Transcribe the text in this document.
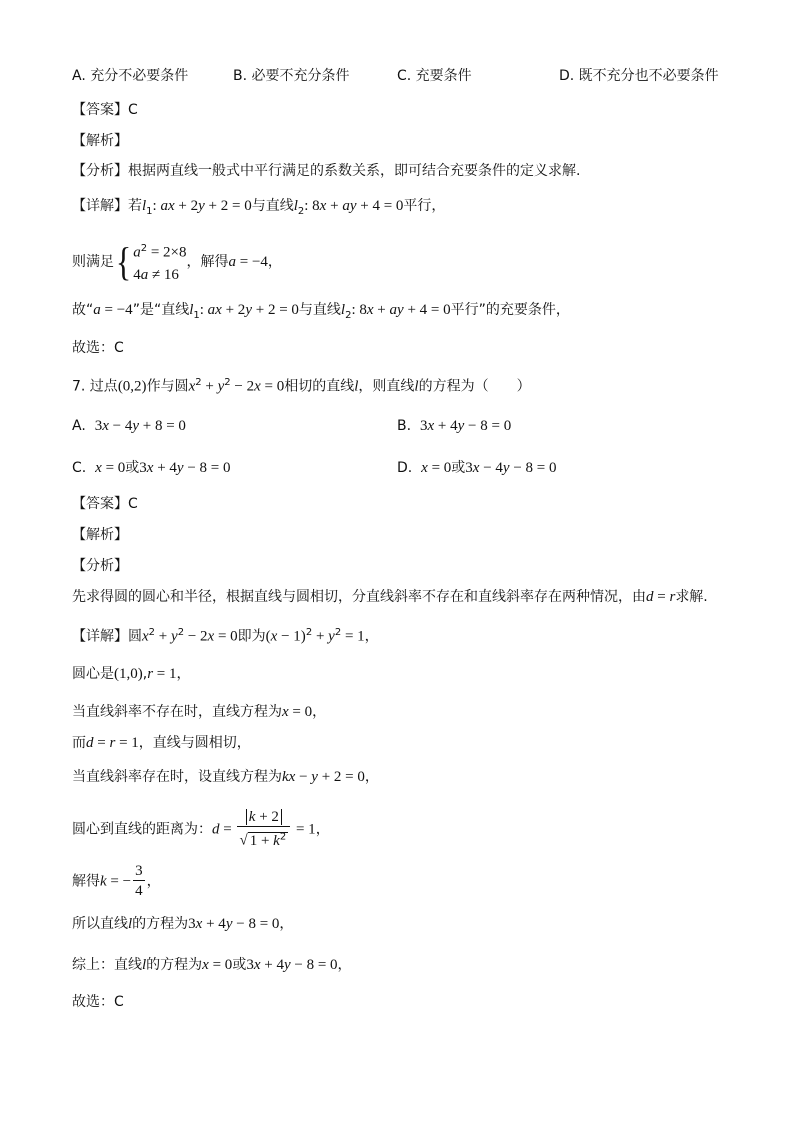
A. 充分不必要条件	B. 必要不充分条件	C. 充要条件	D. 既不充分也不必要条件
【答案】C
【解析】
【分析】根据两直线一般式中平行满足的系数关系，即可结合充要条件的定义求解.
【详解】若$l_1$: ax + 2y + 2 = 0与直线$l_2$: 8x + ay + 4 = 0平行，
则满足{ $a^2 = 2\times 8$
4a ≠ 16
，解得a = −4，
故“a = −4”是“直线$l_1$: ax + 2y + 2 = 0与直线$l_2$: 8x + ay + 4 = 0平行”的充要条件，
故选：C
7. 过点(0,2)作与圆$x^2 + y^2 - 2x = 0$相切的直线l，则直线l的方程为（　　）
A.  3x − 4y + 8 = 0	B.  3x + 4y − 8 = 0
C.  x = 0或3x + 4y − 8 = 0	D.  x = 0或3x − 4y − 8 = 0
【答案】C
【解析】
【分析】
先求得圆的圆心和半径，根据直线与圆相切，分直线斜率不存在和直线斜率存在两种情况，由d = r求解.
【详解】圆$x^2 + y^2 - 2x = 0$即为$(x - 1)^2 + y^2 = 1$，
圆心是(1,0),r = 1，
当直线斜率不存在时，直线方程为x = 0，
而d = r = 1，直线与圆相切，
当直线斜率存在时，设直线方程为kx − y + 2 = 0，
圆心到直线的距离为：$d = \frac{k + 2}{√ 1 + k^2} = 1$，
解得k = − $\frac{3}{4}$ ，
所以直线l的方程为3x + 4y − 8 = 0，
综上：直线l的方程为x = 0或3x + 4y − 8 = 0，
故选：C
